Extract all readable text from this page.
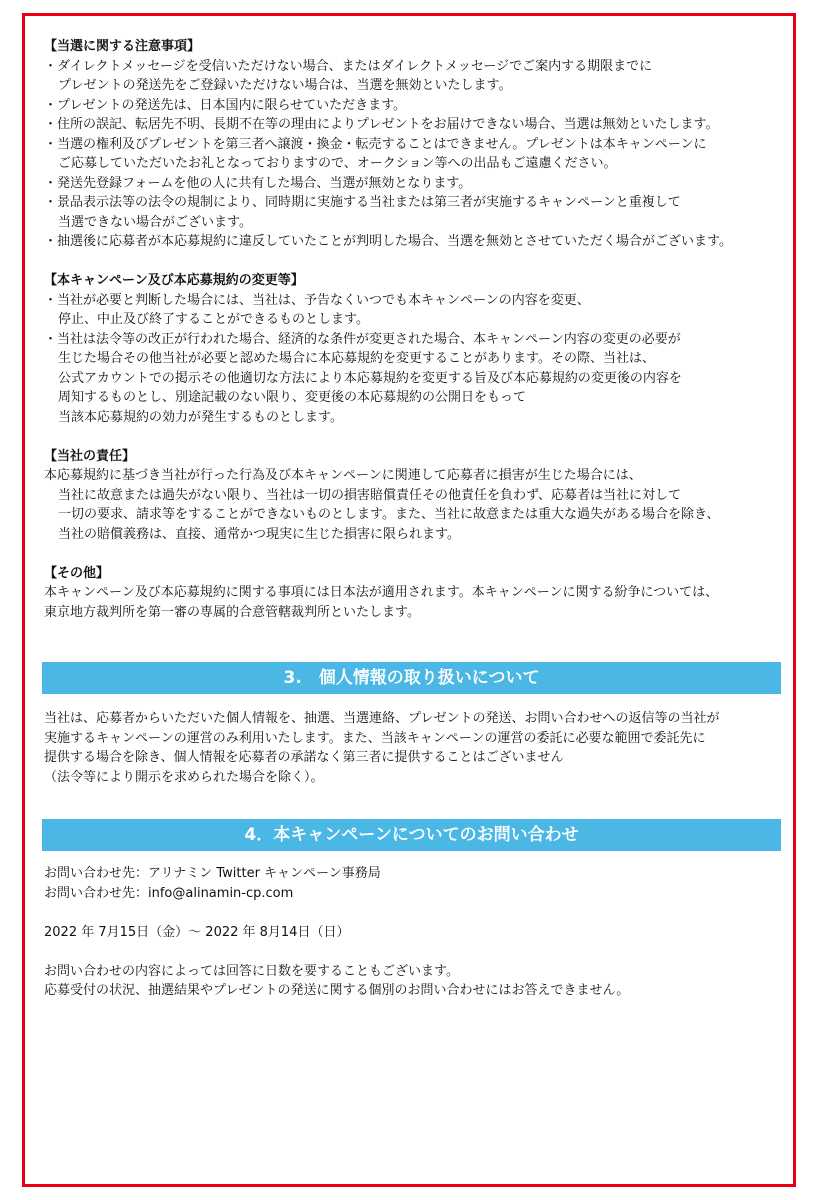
【当選に関する注意事項】
・ダイレクトメッセージを受信いただけない場合、またはダイレクトメッセージでご案内する期限までに
プレゼントの発送先をご登録いただけない場合は、当選を無効といたします。
・プレゼントの発送先は、日本国内に限らせていただきます。
・住所の誤記、転居先不明、長期不在等の理由によりプレゼントをお届けできない場合、当選は無効といたします。
・当選の権利及びプレゼントを第三者へ譲渡・換金・転売することはできません。プレゼントは本キャンペーンに
ご応募していただいたお礼となっておりますので、オークション等への出品もご遠慮ください。
・発送先登録フォームを他の人に共有した場合、当選が無効となります。
・景品表示法等の法令の規制により、同時期に実施する当社または第三者が実施するキャンペーンと重複して
当選できない場合がございます。
・抽選後に応募者が本応募規約に違反していたことが判明した場合、当選を無効とさせていただく場合がございます。
【本キャンペーン及び本応募規約の変更等】
・当社が必要と判断した場合には、当社は、予告なくいつでも本キャンペーンの内容を変更、
停止、中止及び終了することができるものとします。
・当社は法令等の改正が行われた場合、経済的な条件が変更された場合、本キャンペーン内容の変更の必要が
生じた場合その他当社が必要と認めた場合に本応募規約を変更することがあります。その際、当社は、
公式アカウントでの掲示その他適切な方法により本応募規約を変更する旨及び本応募規約の変更後の内容を
周知するものとし、別途記載のない限り、変更後の本応募規約の公開日をもって
当該本応募規約の効力が発生するものとします。
【当社の責任】
本応募規約に基づき当社が行った行為及び本キャンペーンに関連して応募者に損害が生じた場合には、
当社に故意または過失がない限り、当社は一切の損害賠償責任その他責任を負わず、応募者は当社に対して
一切の要求、請求等をすることができないものとします。また、当社に故意または重大な過失がある場合を除き、
当社の賠償義務は、直接、通常かつ現実に生じた損害に限られます。
【その他】
本キャンペーン及び本応募規約に関する事項には日本法が適用されます。本キャンペーンに関する紛争については、
東京地方裁判所を第一審の専属的合意管轄裁判所といたします。
3.　個人情報の取り扱いについて
当社は、応募者からいただいた個人情報を、抽選、当選連絡、プレゼントの発送、お問い合わせへの返信等の当社が
実施するキャンペーンの運営のみ利用いたします。また、当該キャンペーンの運営の委託に必要な範囲で委託先に
提供する場合を除き、個人情報を応募者の承諾なく第三者に提供することはございません
（法令等により開示を求められた場合を除く）。
4．本キャンペーンについてのお問い合わせ
お問い合わせ先：アリナミン Twitter キャンペーン事務局
お問い合わせ先：info@alinamin-cp.com
2022 年 7月15日（金）～ 2022 年 8月14日（日）
お問い合わせの内容によっては回答に日数を要することもございます。
応募受付の状況、抽選結果やプレゼントの発送に関する個別のお問い合わせにはお答えできません。
